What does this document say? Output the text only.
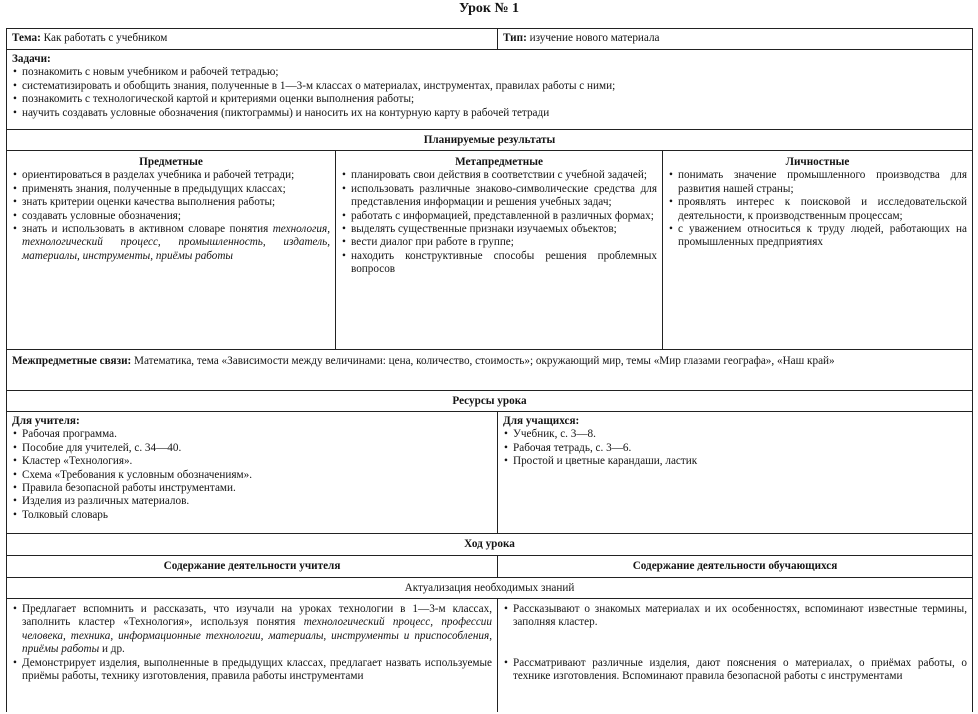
Урок № 1
Тема: Как работать с учебником	Тип: изучение нового материала
Задачи:
• познакомить с новым учебником и рабочей тетрадью;
• систематизировать и обобщить знания, полученные в 1—3-м классах о материалах, инструментах, правилах работы с ними;
• познакомить с технологической картой и критериями оценки выполнения работы;
• научить создавать условные обозначения (пиктограммы) и наносить их на контурную карту в рабочей тетради
Планируемые результаты
Предметные
• ориентироваться в разделах учебника и рабочей тетради;
• применять знания, полученные в предыдущих классах;
• знать критерии оценки качества выполнения работы;
• создавать условные обозначения;
• знать и использовать в активном словаре понятия технология, технологический процесс, промышленность, издатель, материалы, инструменты, приёмы работы
Метапредметные
• планировать свои действия в соответствии с учебной задачей;
• использовать различные знаково-символические средства для представления информации и решения учебных задач;
• работать с информацией, представленной в различных формах;
• выделять существенные признаки изучаемых объектов;
• вести диалог при работе в группе;
• находить конструктивные способы решения проблемных вопросов
Личностные
• понимать значение промышленного производства для развития нашей страны;
• проявлять интерес к поисковой и исследовательской деятельности, к производственным процессам;
• с уважением относиться к труду людей, работающих на промышленных предприятиях
Межпредметные связи: Математика, тема «Зависимости между величинами: цена, количество, стоимость»; окружающий мир, темы «Мир глазами географа», «Наш край»
Ресурсы урока
Для учителя:
• Рабочая программа.
• Пособие для учителей, с. 34—40.
• Кластер «Технология».
• Схема «Требования к условным обозначениям».
• Правила безопасной работы инструментами.
• Изделия из различных материалов.
• Толковый словарь
Для учащихся:
• Учебник, с. 3—8.
• Рабочая тетрадь, с. 3—6.
• Простой и цветные карандаши, ластик
Ход урока
Содержание деятельности учителя	Содержание деятельности обучающихся
Актуализация необходимых знаний
• Предлагает вспомнить и рассказать, что изучали на уроках технологии в 1—3-м классах, заполнить кластер «Технология», используя понятия технологический процесс, профессии человека, техника, информационные технологии, материалы, инструменты и приспособления, приёмы работы и др.
• Демонстрирует изделия, выполненные в предыдущих классах, предлагает назвать используемые приёмы работы, технику изготовления, правила работы инструментами
• Рассказывают о знакомых материалах и их особенностях, вспоминают известные термины, заполняя кластер.
• Рассматривают различные изделия, дают пояснения о материалах, о приёмах работы, о технике изготовления. Вспоминают правила безопасной работы с инструментами
